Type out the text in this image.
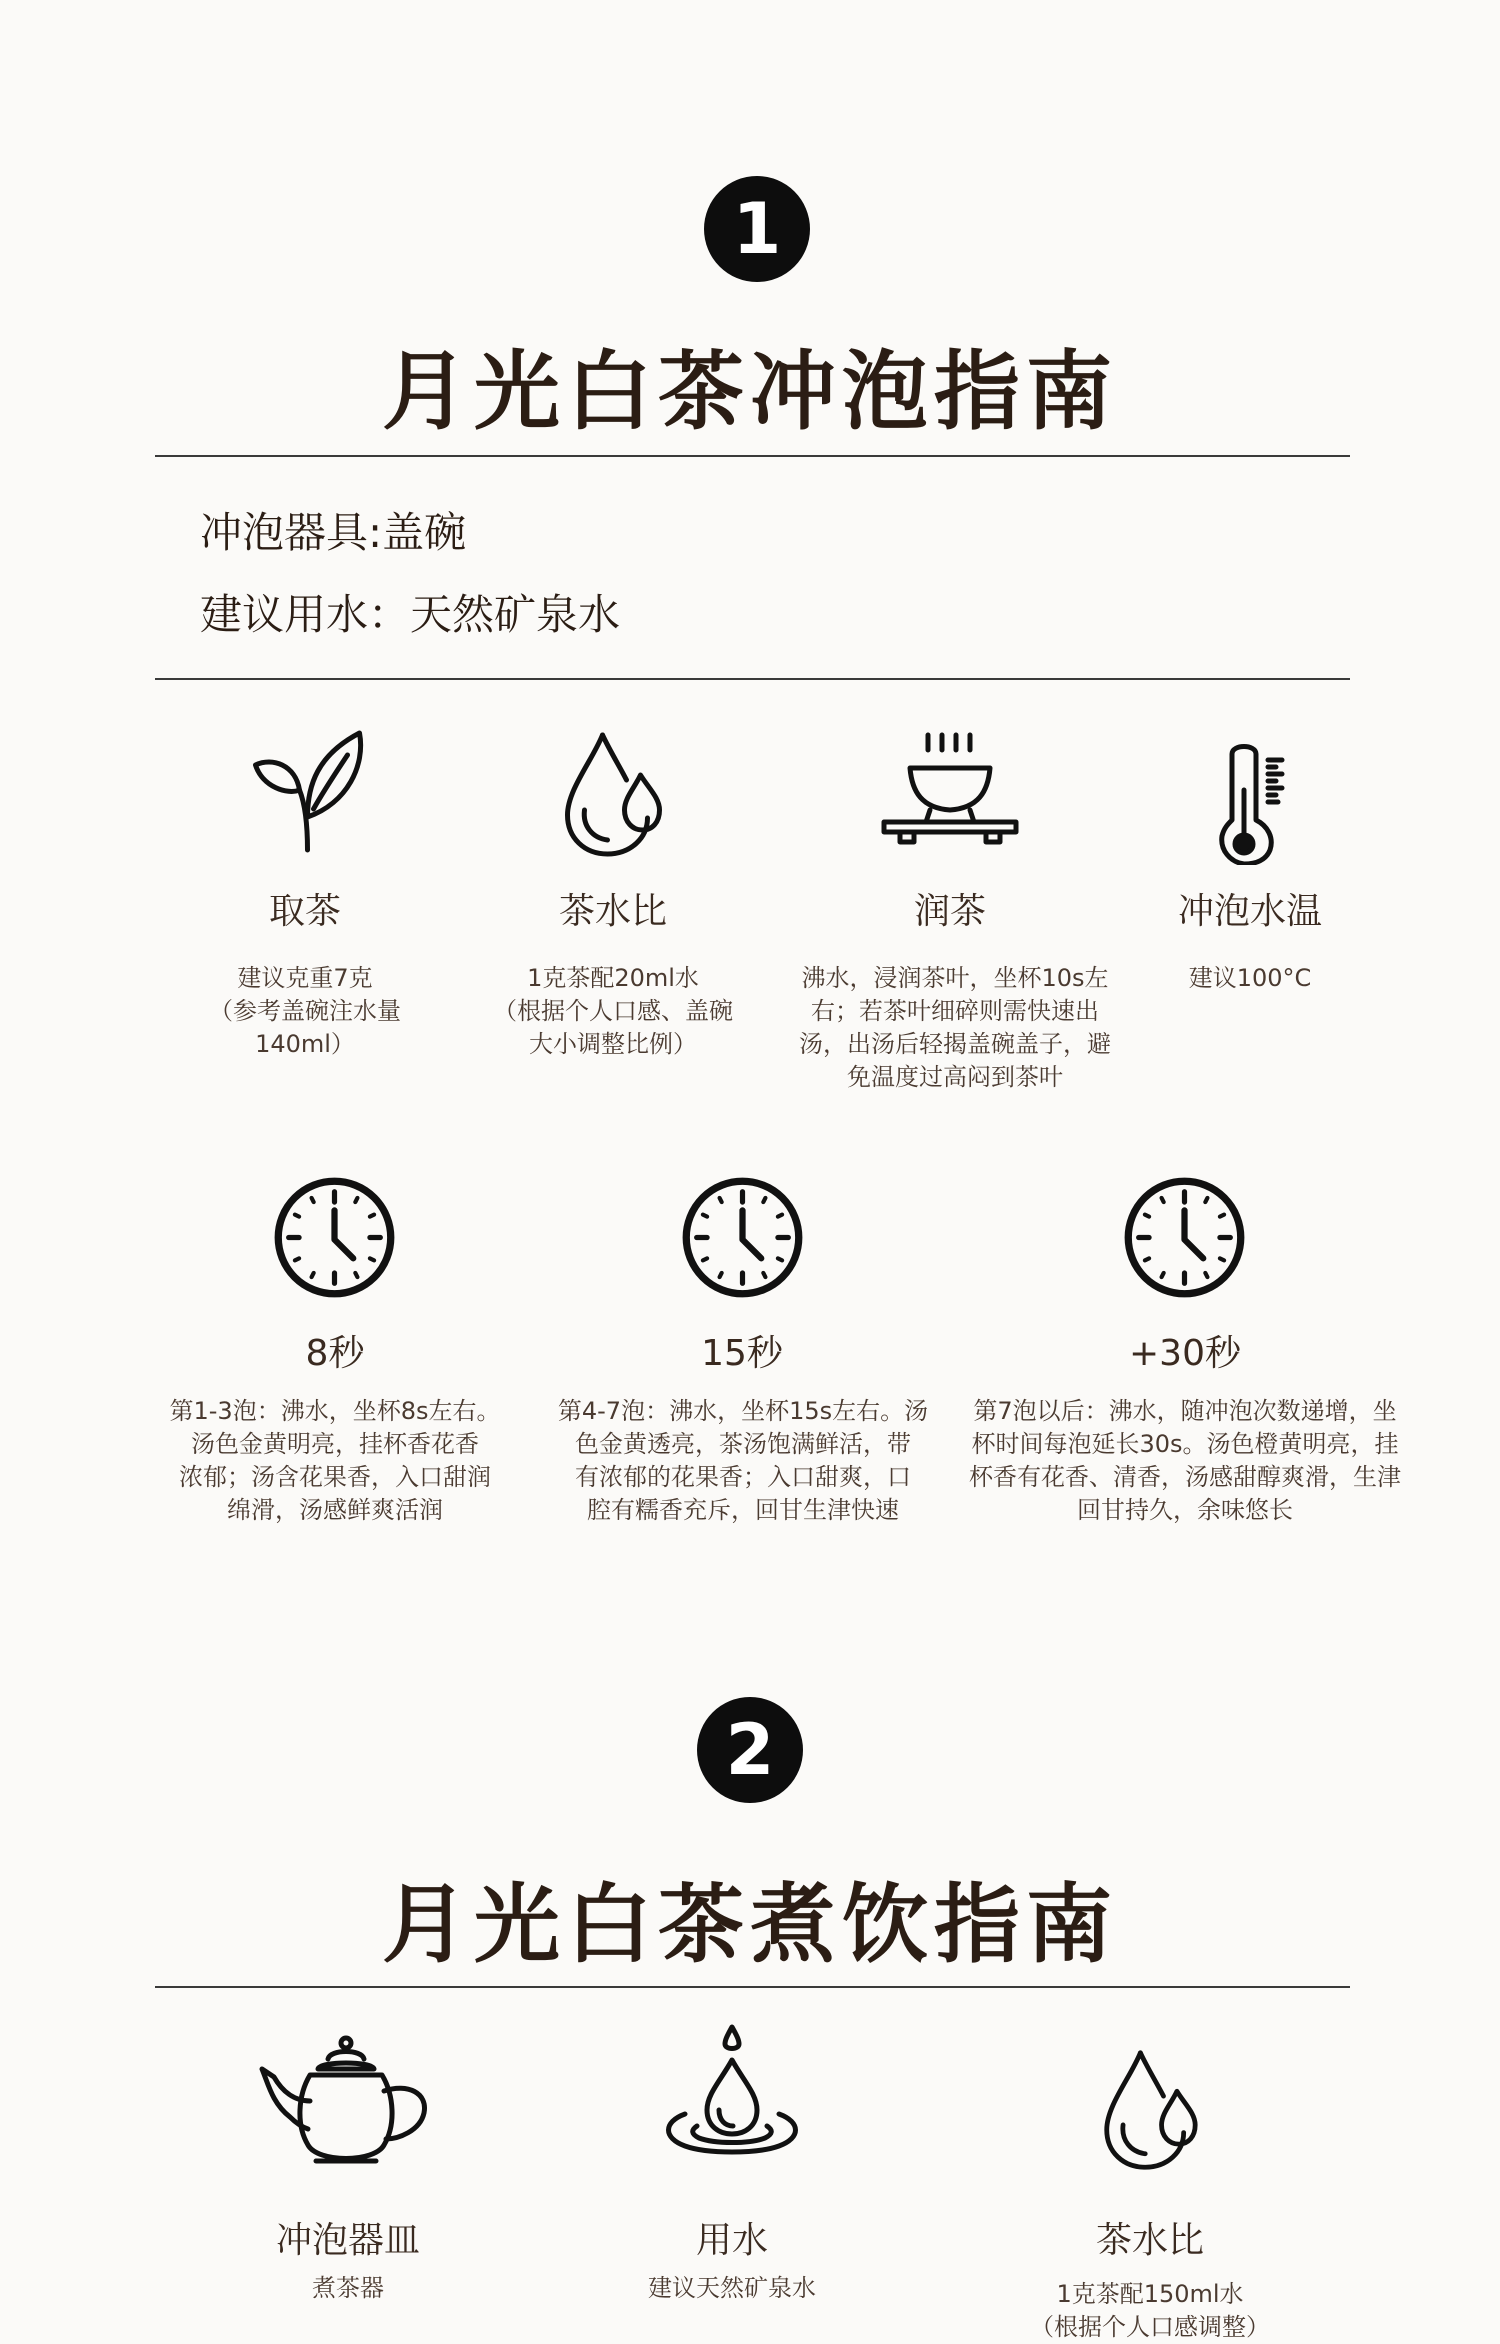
1
月光白茶冲泡指南
冲泡器具:盖碗
建议用水：天然矿泉水
取茶
建议克重7克
（参考盖碗注水量
140ml）
茶水比
1克茶配20ml水
（根据个人口感、盖碗
大小调整比例）
润茶
沸水，浸润茶叶，坐杯10s左
右；若茶叶细碎则需快速出
汤，出汤后轻揭盖碗盖子，避
免温度过高闷到茶叶
冲泡水温
建议100°C
8秒
第1-3泡：沸水，坐杯8s左右。
汤色金黄明亮，挂杯香花香
浓郁；汤含花果香，入口甜润
绵滑，汤感鲜爽活润
15秒
第4-7泡：沸水，坐杯15s左右。汤
色金黄透亮，茶汤饱满鲜活，带
有浓郁的花果香；入口甜爽，口
腔有糯香充斥，回甘生津快速
+30秒
第7泡以后：沸水，随冲泡次数递增，坐
杯时间每泡延长30s。汤色橙黄明亮，挂
杯香有花香、清香，汤感甜醇爽滑，生津
回甘持久，余味悠长
2
月光白茶煮饮指南
冲泡器皿
煮茶器
用水
建议天然矿泉水
茶水比
1克茶配150ml水
（根据个人口感调整）
